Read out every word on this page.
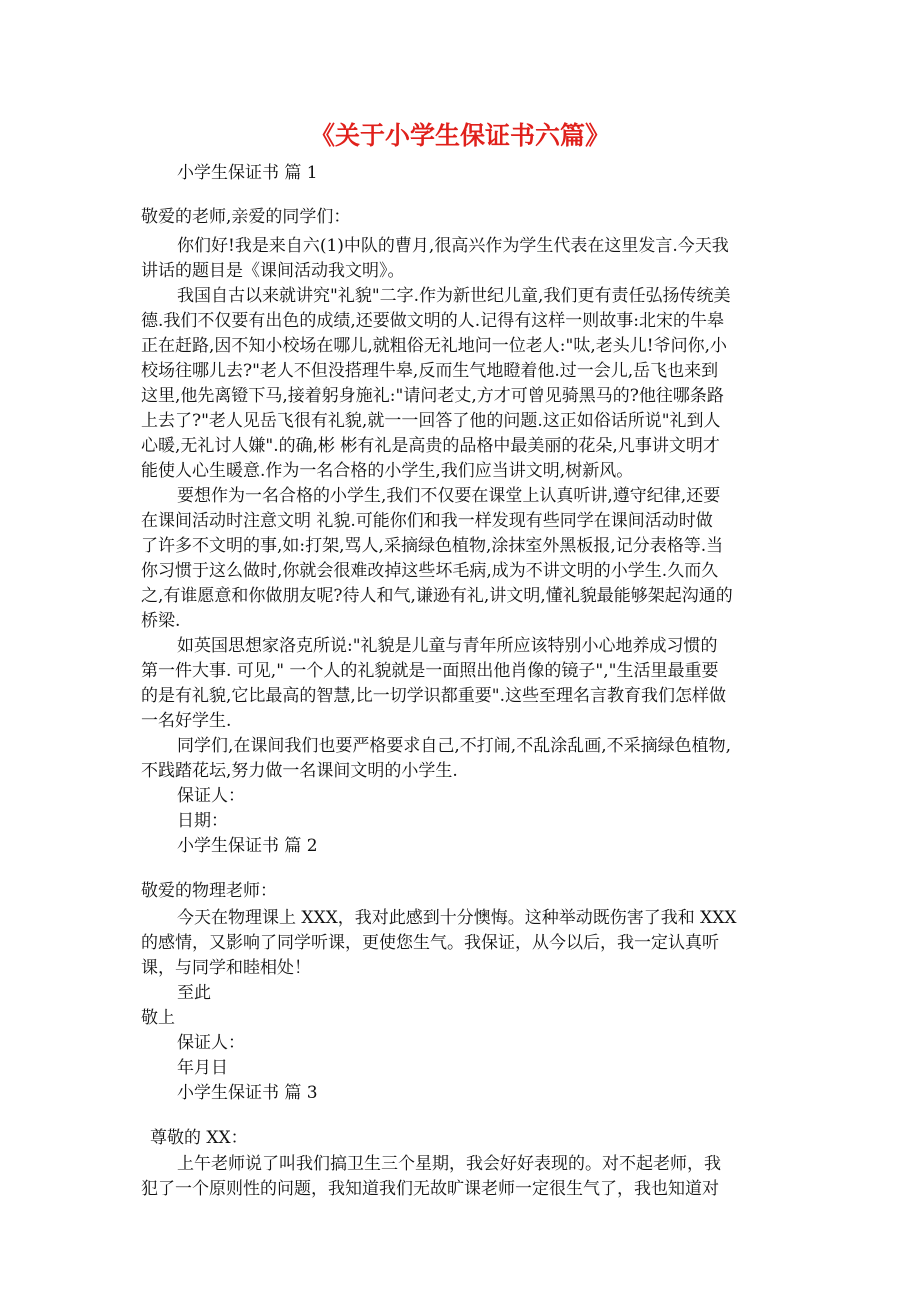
《关于小学生保证书六篇》
小学生保证书 篇 1
敬爱的老师,亲爱的同学们：
你们好!我是来自六(1)中队的曹月,很高兴作为学生代表在这里发言.今天我
讲话的题目是《课间活动我文明》。
我国自古以来就讲究"礼貌"二字.作为新世纪儿童,我们更有责任弘扬传统美
德.我们不仅要有出色的成绩,还要做文明的人.记得有这样一则故事:北宋的牛皋
正在赶路,因不知小校场在哪儿,就粗俗无礼地问一位老人:"呔,老头儿!爷问你,小
校场往哪儿去?"老人不但没搭理牛皋,反而生气地瞪着他.过一会儿,岳飞也来到
这里,他先离镫下马,接着躬身施礼:"请问老丈,方才可曾见骑黑马的?他往哪条路
上去了?"老人见岳飞很有礼貌,就一一回答了他的问题.这正如俗话所说"礼到人
心暖,无礼讨人嫌".的确,彬 彬有礼是高贵的品格中最美丽的花朵,凡事讲文明才
能使人心生暖意.作为一名合格的小学生,我们应当讲文明,树新风。
要想作为一名合格的小学生,我们不仅要在课堂上认真听讲,遵守纪律,还要
在课间活动时注意文明 礼貌.可能你们和我一样发现有些同学在课间活动时做
了许多不文明的事,如:打架,骂人,采摘绿色植物,涂抹室外黑板报,记分表格等.当
你习惯于这么做时,你就会很难改掉这些坏毛病,成为不讲文明的小学生.久而久
之,有谁愿意和你做朋友呢?待人和气,谦逊有礼,讲文明,懂礼貌最能够架起沟通的
桥梁.
如英国思想家洛克所说:"礼貌是儿童与青年所应该特别小心地养成习惯的
第一件大事. 可见," 一个人的礼貌就是一面照出他肖像的镜子","生活里最重要
的是有礼貌,它比最高的智慧,比一切学识都重要".这些至理名言教育我们怎样做
一名好学生.
同学们,在课间我们也要严格要求自己,不打闹,不乱涂乱画,不采摘绿色植物,
不践踏花坛,努力做一名课间文明的小学生.
保证人：
日期：
小学生保证书 篇 2
敬爱的物理老师：
今天在物理课上 XXX，我对此感到十分懊悔。这种举动既伤害了我和 XXX
的感情，又影响了同学听课，更使您生气。我保证，从今以后，我一定认真听
课，与同学和睦相处！
至此
敬上
保证人：
年月日
小学生保证书 篇 3
尊敬的 XX：
上午老师说了叫我们搞卫生三个星期，我会好好表现的。对不起老师，我
犯了一个原则性的问题，我知道我们无故旷课老师一定很生气了，我也知道对
